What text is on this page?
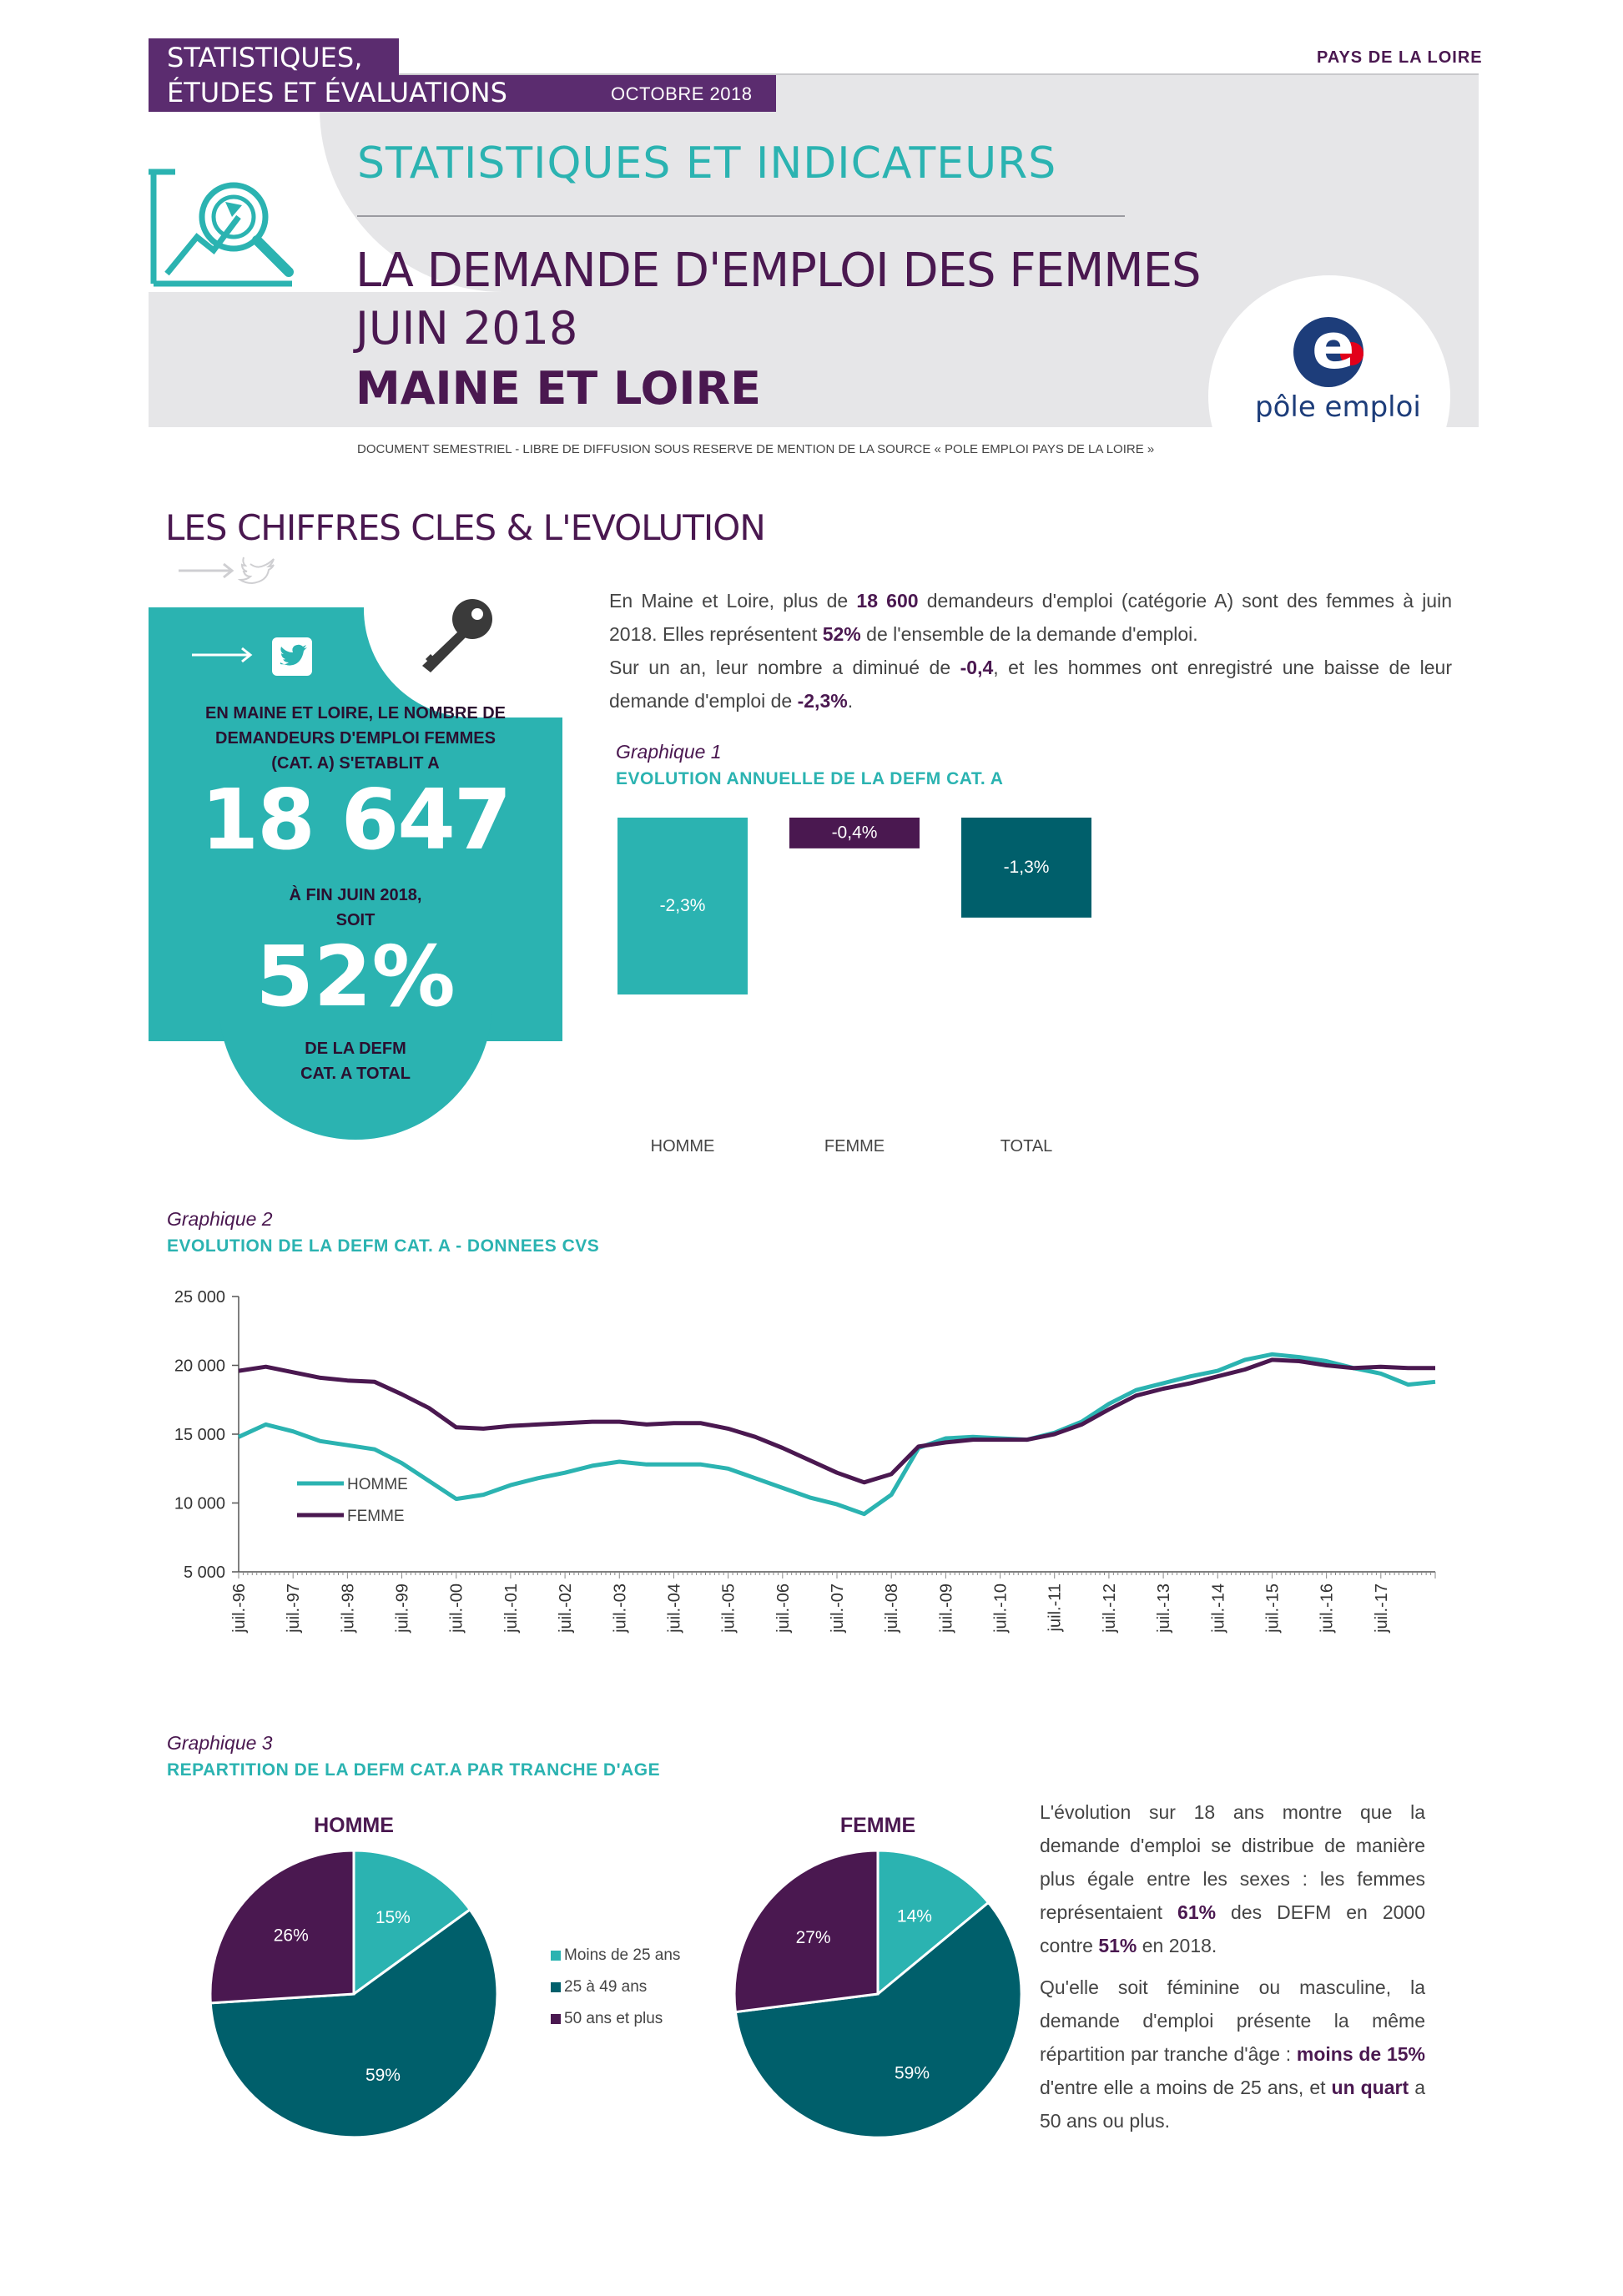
STATISTIQUES,
ÉTUDES ET ÉVALUATIONS	OCTOBRE 2018
PAYS DE LA LOIRE
STATISTIQUES ET INDICATEURS
LA DEMANDE D'EMPLOI DES FEMMES
JUIN 2018
MAINE ET LOIRE
e
pôle emploi
DOCUMENT SEMESTRIEL - LIBRE DE DIFFUSION SOUS RESERVE DE MENTION DE LA SOURCE « POLE EMPLOI PAYS DE LA LOIRE »
LES CHIFFRES CLES & L'EVOLUTION
EN MAINE ET LOIRE, LE NOMBRE DE
DEMANDEURS D'EMPLOI FEMMES
(CAT. A) S'ETABLIT A
18 647
À FIN JUIN 2018,
SOIT
52%
DE LA DEFM
CAT. A TOTAL
En Maine et Loire, plus de 18 600 demandeurs d'emploi (catégorie A) sont des femmes à juin 2018. Elles représentent 52% de l'ensemble de la demande d'emploi.
Sur un an, leur nombre a diminué de -0,4, et les hommes ont enregistré une baisse de leur demande d'emploi de -2,3%.
Graphique 1
EVOLUTION ANNUELLE DE LA DEFM CAT. A
-2,3%
HOMME
-0,4%
FEMME
-1,3%
TOTAL
Graphique 2
EVOLUTION DE LA DEFM CAT. A - DONNEES CVS
25 000
20 000
15 000
10 000
5 000
juil.-96 juil.-97 juil.-98 juil.-99 juil.-00 juil.-01 juil.-02 juil.-03 juil.-04 juil.-05 juil.-06 juil.-07 juil.-08 juil.-09 juil.-10 juil.-11 juil.-12 juil.-13 juil.-14 juil.-15 juil.-16 juil.-17
HOMME
FEMME
Graphique 3
REPARTITION DE LA DEFM CAT.A PAR TRANCHE D'AGE
HOMME
15%
59%
26%
FEMME
14%
59%
27%
Moins de 25 ans
25 à 49 ans
50 ans et plus
L'évolution sur 18 ans montre que la demande d'emploi se distribue de manière plus égale entre les sexes : les femmes représentaient 61% des DEFM en 2000 contre 51% en 2018.
Qu'elle soit féminine ou masculine, la demande d'emploi présente la même répartition par tranche d'âge : moins de 15% d'entre elle a moins de 25 ans, et un quart a 50 ans ou plus.
